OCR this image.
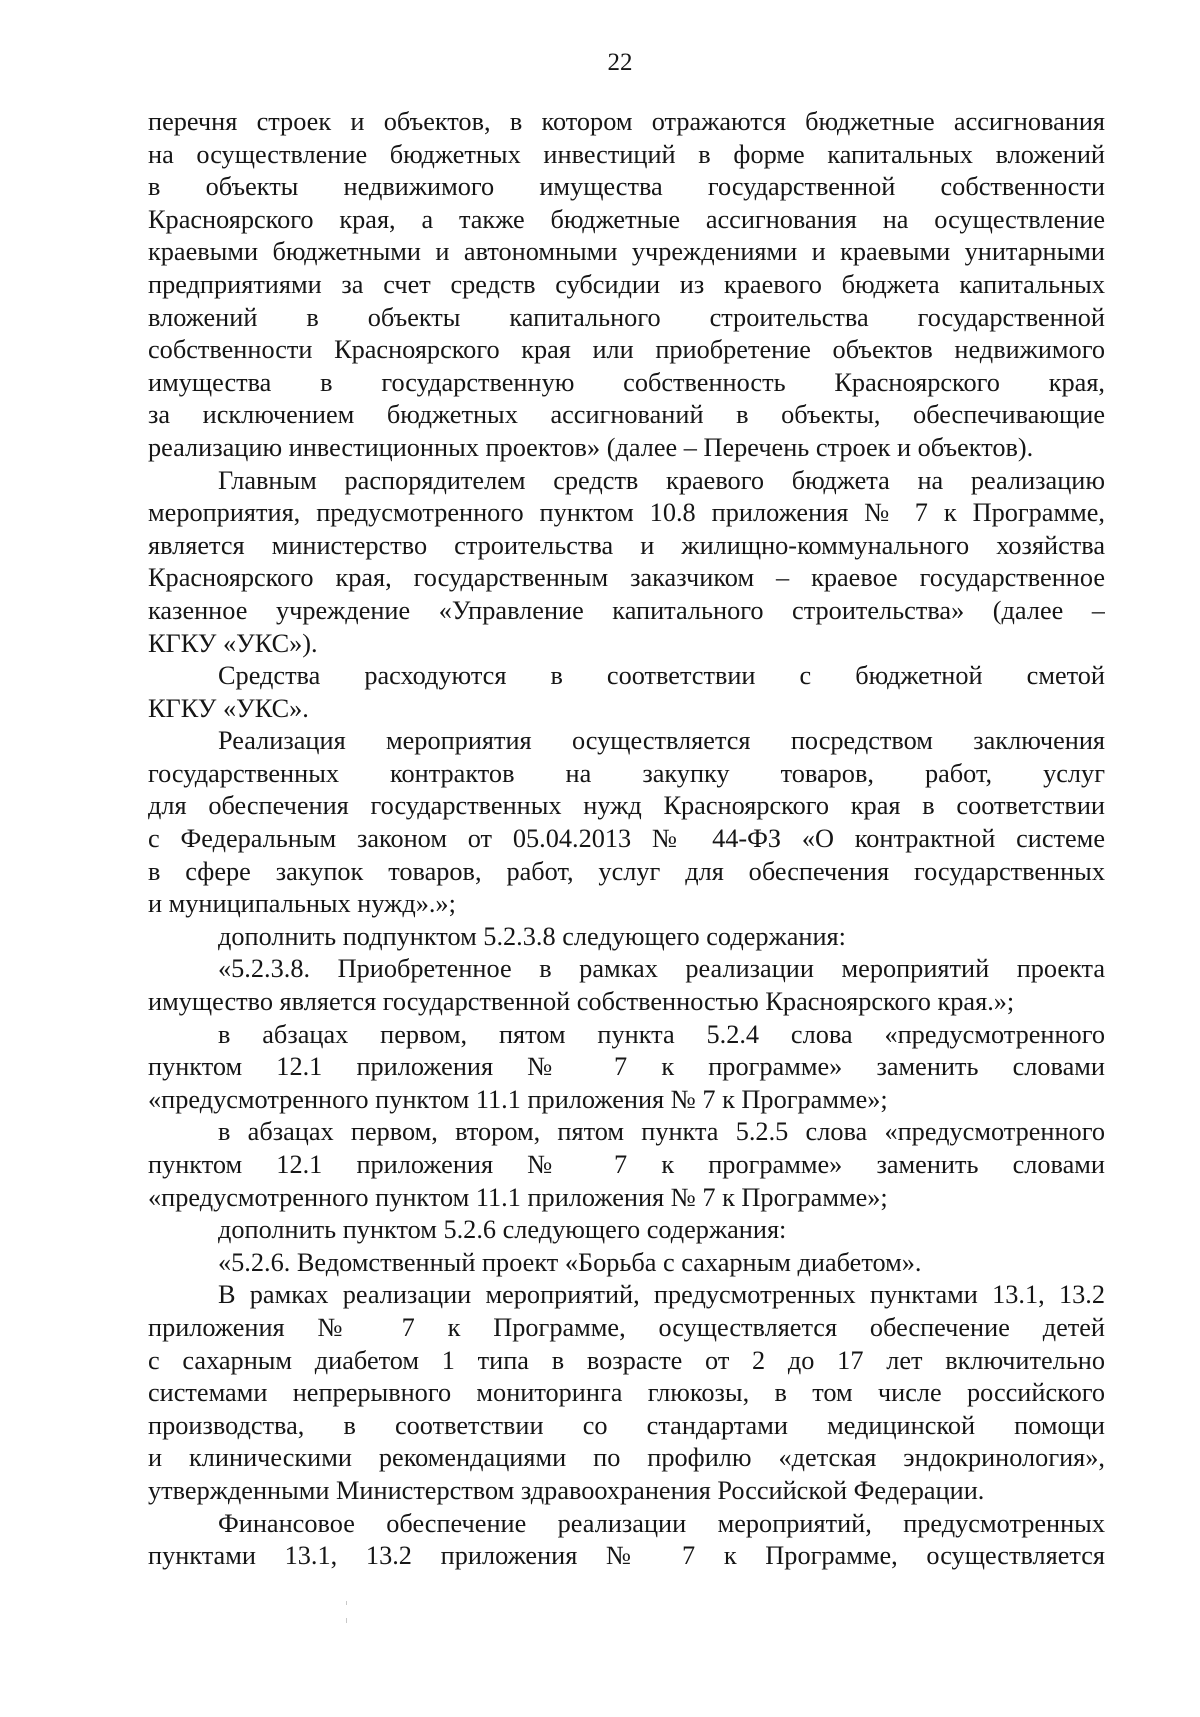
22
перечня строек и объектов, в котором отражаются бюджетные ассигнования
на осуществление бюджетных инвестиций в форме капитальных вложений
в объекты недвижимого имущества государственной собственности
Красноярского края, а также бюджетные ассигнования на осуществление
краевыми бюджетными и автономными учреждениями и краевыми унитарными
предприятиями за счет средств субсидии из краевого бюджета капитальных
вложений в объекты капитального строительства государственной
собственности Красноярского края или приобретение объектов недвижимого
имущества в государственную собственность Красноярского края,
за исключением бюджетных ассигнований в объекты, обеспечивающие
реализацию инвестиционных проектов» (далее – Перечень строек и объектов).
Главным распорядителем средств краевого бюджета на реализацию
мероприятия, предусмотренного пунктом 10.8 приложения № 7 к Программе,
является министерство строительства и жилищно-коммунального хозяйства
Красноярского края, государственным заказчиком – краевое государственное
казенное учреждение «Управление капитального строительства» (далее –
КГКУ «УКС»).
Средства расходуются в соответствии с бюджетной сметой
КГКУ «УКС».
Реализация мероприятия осуществляется посредством заключения
государственных контрактов на закупку товаров, работ, услуг
для обеспечения государственных нужд Красноярского края в соответствии
с Федеральным законом от 05.04.2013 № 44-ФЗ «О контрактной системе
в сфере закупок товаров, работ, услуг для обеспечения государственных
и муниципальных нужд».»;
дополнить подпунктом 5.2.3.8 следующего содержания:
«5.2.3.8. Приобретенное в рамках реализации мероприятий проекта
имущество является государственной собственностью Красноярского края.»;
в абзацах первом, пятом пункта 5.2.4 слова «предусмотренного
пунктом 12.1 приложения № 7 к программе» заменить словами
«предусмотренного пунктом 11.1 приложения № 7 к Программе»;
в абзацах первом, втором, пятом пункта 5.2.5 слова «предусмотренного
пунктом 12.1 приложения № 7 к программе» заменить словами
«предусмотренного пунктом 11.1 приложения № 7 к Программе»;
дополнить пунктом 5.2.6 следующего содержания:
«5.2.6. Ведомственный проект «Борьба с сахарным диабетом».
В рамках реализации мероприятий, предусмотренных пунктами 13.1, 13.2
приложения № 7 к Программе, осуществляется обеспечение детей
с сахарным диабетом 1 типа в возрасте от 2 до 17 лет включительно
системами непрерывного мониторинга глюкозы, в том числе российского
производства, в соответствии со стандартами медицинской помощи
и клиническими рекомендациями по профилю «детская эндокринология»,
утвержденными Министерством здравоохранения Российской Федерации.
Финансовое обеспечение реализации мероприятий, предусмотренных
пунктами 13.1, 13.2 приложения № 7 к Программе, осуществляется
